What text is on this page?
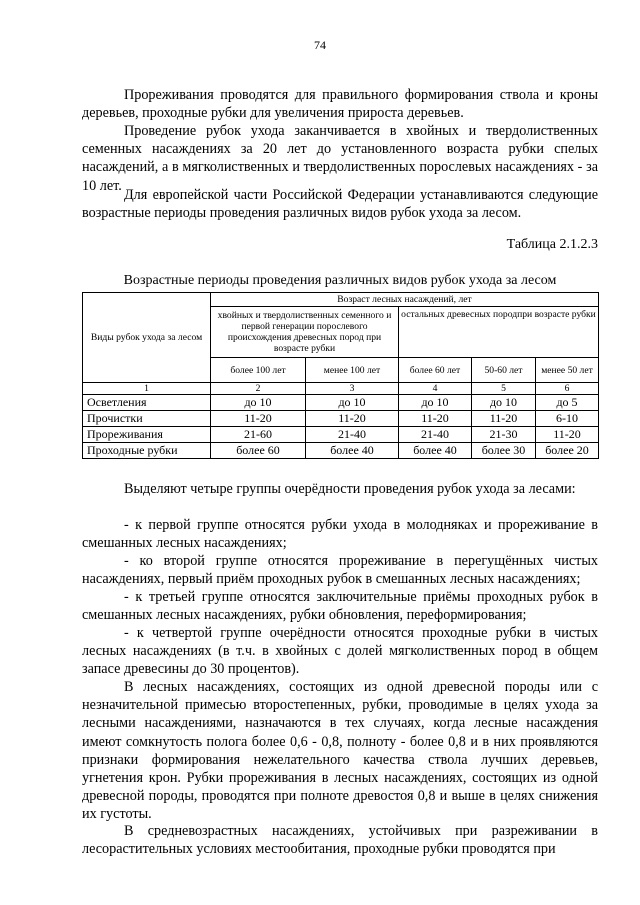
74

Прореживания проводятся для правильного формирования ствола и кроны деревьев, проходные рубки для увеличения прироста деревьев.

Проведение рубок ухода заканчивается в хвойных и твердолиственных семенных насаждениях за 20 лет до установленного возраста рубки спелых насаждений, а в мягколиственных и твердолиственных порослевых насаждениях - за 10 лет.

Для европейской части Российской Федерации устанавливаются следующие возрастные периоды проведения различных видов рубок ухода за лесом.

Таблица 2.1.2.3
Возрастные периоды проведения различных видов рубок ухода за лесом
Виды рубок ухода за лесом	Возраст лесных насаждений, лет				
	хвойных и твердолиственных семенного и первой генерации порослевого происхождения древесных пород при возрасте рубки		остальных древесных породпри возрасте рубки		
	более 100 лет	менее 100 лет	более 60 лет	50-60 лет	менее 50 лет
1	2	3	4	5	6
Осветления	до 10	до 10	до 10	до 10	до 5
Прочистки	11-20	11-20	11-20	11-20	6-10
Прореживания	21-60	21-40	21-40	21-30	11-20
Проходные рубки	более 60	более 40	более 40	более 30	более 20

Выделяют четыре группы очерёдности проведения рубок ухода за лесами:

- к первой группе относятся рубки ухода в молодняках и прореживание в смешанных лесных насаждениях;

- ко второй группе относятся прореживание в перегущённых чистых насаждениях, первый приём проходных рубок в смешанных лесных насаждениях;

- к третьей группе относятся заключительные приёмы проходных рубок в смешанных лесных насаждениях, рубки обновления, переформирования;

- к четвертой группе очерёдности относятся проходные рубки в чистых лесных насаждениях (в т.ч. в хвойных с долей мягколиственных пород в общем запасе древесины до 30 процентов).

В лесных насаждениях, состоящих из одной древесной породы или с незначительной примесью второстепенных, рубки, проводимые в целях ухода за лесными насаждениями, назначаются в тех случаях, когда лесные насаждения имеют сомкнутость полога более 0,6 - 0,8, полноту - более 0,8 и в них проявляются признаки формирования нежелательного качества ствола лучших деревьев, угнетения крон. Рубки прореживания в лесных насаждениях, состоящих из одной древесной породы, проводятся при полноте древостоя 0,8 и выше в целях снижения их густоты.

В средневозрастных насаждениях, устойчивых при разреживании в лесорастительных условиях местообитания, проходные рубки проводятся при
